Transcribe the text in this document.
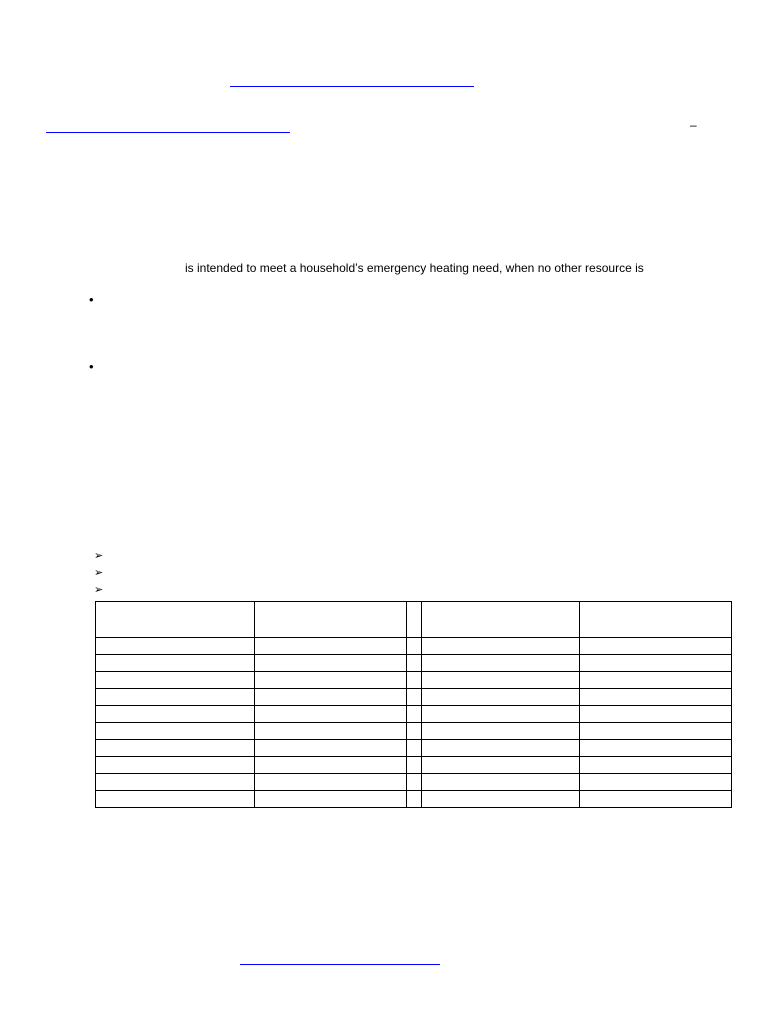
–
is intended to meet a household’s emergency heating need, when no other resource is
•
•
➢
➢
➢
